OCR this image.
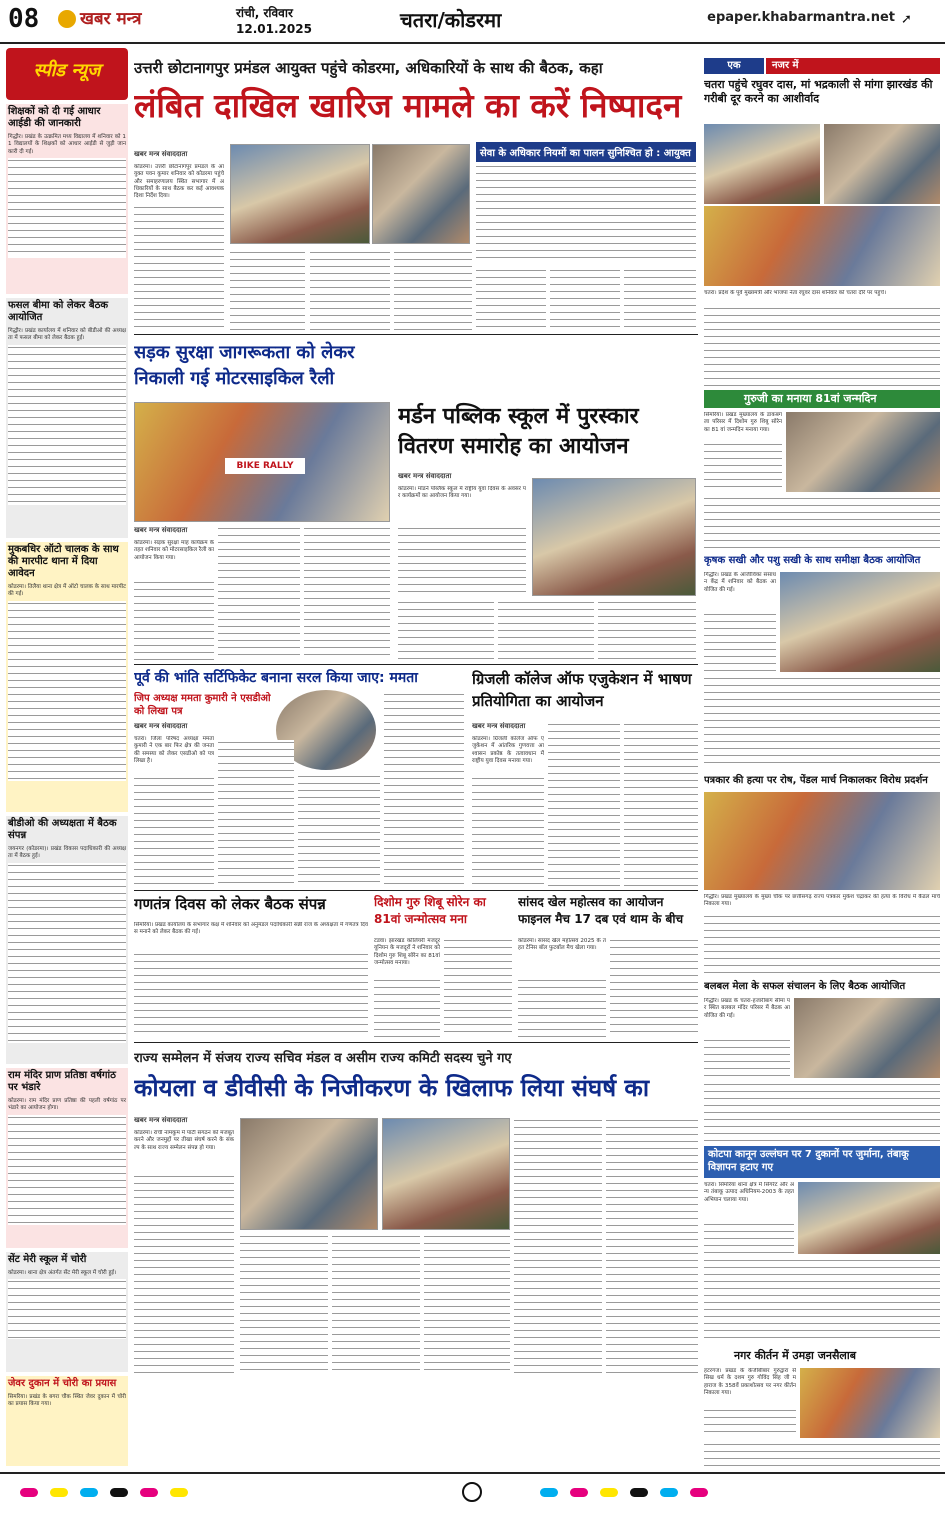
08	खबर मन्त्र	रांची, रविवार
12.01.2025	चतरा/कोडरमा	epaper.khabarmantra.net ➚
स्पीड न्यूज
शिक्षकों को दी गई आधार आईडी की जानकारी
गिद्धौर। प्रखंड के उत्क्रमित मध्य विद्यालय में शनिवार को 11 विद्यालयों के शिक्षकों को आधार आईडी से जुड़ी जानकारी दी गई।
फसल बीमा को लेकर बैठक आयोजित
गिद्धौर। प्रखंड कार्यालय में शनिवार को बीडीओ की अध्यक्षता में फसल बीमा को लेकर बैठक हुई।
मुकबधिर ऑटो चालक के साथ की मारपीट थाना में दिया आवेदन
कोडरमा। तिलैया थाना क्षेत्र में ऑटो चालक के साथ मारपीट की गई।
बीडीओ की अध्यक्षता में बैठक संपन्न
जयनगर (कोडरमा)। प्रखंड विकास पदाधिकारी की अध्यक्षता में बैठक हुई।
राम मंदिर प्राण प्रतिष्ठा वर्षगांठ पर भंडारे
कोडरमा। राम मंदिर प्राण प्रतिष्ठा की पहली वर्षगांठ पर भंडारे का आयोजन होगा।
सेंट मेरी स्कूल में चोरी
कोडरमा। थाना क्षेत्र अंतर्गत सेंट मेरी स्कूल में चोरी हुई।
जेवर दुकान में चोरी का प्रयास
सिमरिया। प्रखंड के बगरा चौक स्थित जेवर दुकान में चोरी का प्रयास किया गया।
उत्तरी छोटानागपुर प्रमंडल आयुक्त पहुंचे कोडरमा, अधिकारियों के साथ की बैठक, कहा
लंबित दाखिल खारिज मामले का करें निष्पादन
खबर मन्त्र संवाददाता
कोडरमा। उत्तरी छोटानागपुर प्रमंडल के आयुक्त पवन कुमार शनिवार को कोडरमा पहुंचे और समाहरणालय स्थित सभागार में अधिकारियों के साथ बैठक कर कई आवश्यक दिशा निर्देश दिया।
सेवा के अधिकार नियमों का पालन सुनिश्चित हो : आयुक्त
सड़क सुरक्षा जागरूकता को लेकर निकाली गई मोटरसाइकिल रैली
BIKE RALLY
खबर मन्त्र संवाददाता
कोडरमा। सड़क सुरक्षा माह कार्यक्रम के तहत शनिवार को मोटरसाइकिल रैली का आयोजन किया गया।
मर्डन पब्लिक स्कूल में पुरस्कार वितरण समारोह का आयोजन
खबर मन्त्र संवाददाता
कोडरमा। मॉडर्न पब्लिक स्कूल में राष्ट्रीय युवा दिवस के अवसर पर कार्यक्रमों का आयोजन किया गया।
पूर्व की भांति सर्टिफिकेट बनाना सरल किया जाए: ममता
जिप अध्यक्ष ममता कुमारी ने एसडीओ को लिखा पत्र
खबर मन्त्र संवाददाता
चतरा। जिला परिषद अध्यक्षा ममता कुमारी ने एक बार फिर क्षेत्र की जनता की समस्या को लेकर एसडीओ को पत्र लिखा है।
ग्रिजली कॉलेज ऑफ एजुकेशन में भाषण प्रतियोगिता का आयोजन
खबर मन्त्र संवाददाता
कोडरमा। ग्रिजली कॉलेज ऑफ एजुकेशन में आंतरिक गुणवत्ता आश्वासन प्रकोष्ठ के तत्वावधान में राष्ट्रीय युवा दिवस मनाया गया।
गणतंत्र दिवस को लेकर बैठक संपन्न
सिमरिया। प्रखंड कार्यालय के सभागार कक्ष में शनिवार को अनुमंडल पदाधिकारी सन्नी राज के अध्यक्षता में गणतंत्र दिवस मनाने को लेकर बैठक की गई।
दिशोम गुरु शिबू सोरेन का 81वां जन्मोत्सव मना
टंडवा। झारखंड कोलियरी मजदूर यूनियन के मजदूरों ने शनिवार को दिशोम गुरु शिबू सोरेन का 81वां जन्मोत्सव मनाया।
सांसद खेल महोत्सव का आयोजन फाइनल मैच 17 दब एवं थाम के बीच
कोडरमा। सांसद खेल महोत्सव 2025 के तहत टेनिस बॉल फुटबॉल मैच खेला गया।
राज्य सम्मेलन में संजय राज्य सचिव मंडल व असीम राज्य कमिटी सदस्य चुने गए
कोयला व डीवीसी के निजीकरण के खिलाफ लिया संघर्ष का
खबर मन्त्र संवाददाता
कोडरमा। रांची नामकुम में पार्टी संगठन को मजबूत करने और जनमुद्दों पर तीखा संघर्ष करने के संकल्प के साथ राज्य सम्मेलन संपन्न हो गया।
एक	नजर में
चतरा पहुंचे रघुवर दास, मां भद्रकाली से मांगा झारखंड की गरीबी दूर करने का आशीर्वाद
चतरा। प्रदेश के पूर्व मुख्यमंत्री और भाजपा नेता रघुवर दास शनिवार को चतरा दौरे पर पहुंचे।
गुरुजी का मनाया 81वां जन्मदिन
सिमरिया। प्रखंड मुख्यालय के डाकबंगला परिसर में दिशोम गुरु शिबू सोरेन का 81 वां जन्मदिन मनाया गया।
कृषक सखी और पशु सखी के साथ समीक्षा बैठक आयोजित
गिद्धौर। प्रखंड के आजीविका संसाधन केंद्र में शनिवार को बैठक आयोजित की गई।
पत्रकार की हत्या पर रोष, पेंडल मार्च निकालकर विरोध प्रदर्शन
गिद्धौर। प्रखंड मुख्यालय के मुख्य चौक पर छत्तीसगढ़ राज्य पत्रकार मुकेश चंद्राकर की हत्या के विरोध में कैंडल मार्च निकाला गया।
बलबल मेला के सफल संचालन के लिए बैठक आयोजित
गिद्धौर। प्रखंड के चतरा-हजारीबाग सीमा पर स्थित बलबल मंदिर परिसर में बैठक आयोजित की गई।
कोटपा कानून उल्लंघन पर 7 दुकानों पर जुर्माना, तंबाकू विज्ञापन हटाए गए
चतरा। सिमरिया थाना क्षेत्र में सिगरेट और अन्य तंबाकू उत्पाद अधिनियम-2003 के तहत अभियान चलाया गया।
नगर कीर्तन में उमड़ा जनसैलाब
हंटरगंज। प्रखंड के केजीबीबार गुरुद्वारा से सिख धर्म के दशम गुरु गोविंद सिंह जी महाराज के 358वें प्रकाशोत्सव पर नगर कीर्तन निकाला गया।
